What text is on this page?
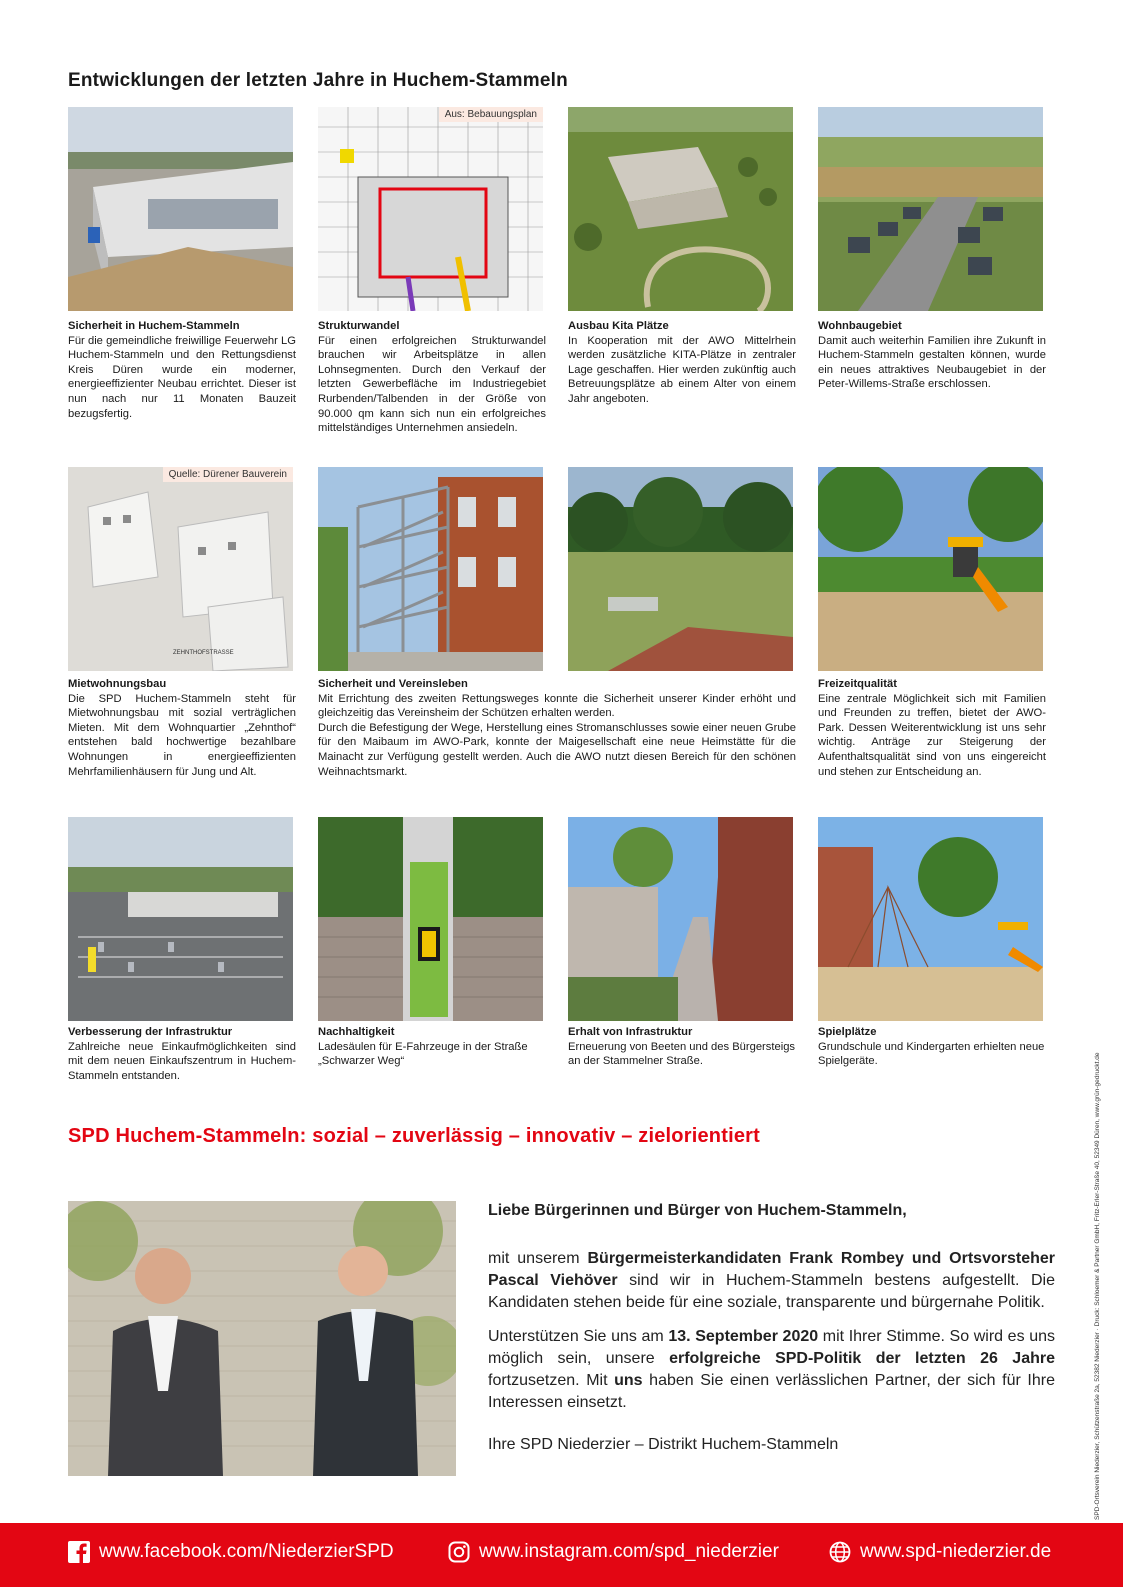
Entwicklungen der letzten Jahre in Huchem-Stammeln
Aus: Bebauungsplan
Sicherheit in Huchem-Stammeln
Für die gemeindliche freiwillige Feuerwehr LG Huchem-Stammeln und den Rettungsdienst Kreis Düren wurde ein moderner, energieeffizienter Neubau errichtet. Dieser ist nun nach nur 11 Monaten Bauzeit bezugsfertig.
Strukturwandel
Für einen erfolgreichen Strukturwandel brauchen wir Arbeitsplätze in allen Lohnsegmenten. Durch den Verkauf der letzten Gewerbefläche im Industriegebiet Rurbenden/Talbenden in der Größe von 90.000 qm kann sich nun ein erfolgreiches mittelständiges Unternehmen ansiedeln.
Ausbau Kita Plätze
In Kooperation mit der AWO Mittelrhein werden zusätzliche KITA-Plätze in zentraler Lage geschaffen. Hier werden zukünftig auch Betreuungsplätze ab einem Alter von einem Jahr angeboten.
Wohnbaugebiet
Damit auch weiterhin Familien ihre Zukunft in Huchem-Stammeln gestalten können, wurde ein neues attraktives Neubaugebiet in der Peter-Willems-Straße erschlossen.
Quelle: Dürener Bauverein
ZEHNTHOFSTRASSE
Mietwohnungsbau
Die SPD Huchem-Stammeln steht für Mietwohnungsbau mit sozial verträglichen Mieten. Mit dem Wohnquartier „Zehnthof“ entstehen bald hochwertige bezahlbare Wohnungen in energieeffizienten Mehrfamilienhäusern für Jung und Alt.
Sicherheit und Vereinsleben
Mit Errichtung des zweiten Rettungsweges konnte die Sicherheit unserer Kinder erhöht und gleichzeitig das Vereinsheim der Schützen erhalten werden.
Durch die Befestigung der Wege, Herstellung eines Stromanschlusses sowie einer neuen Grube für den Maibaum im AWO-Park, konnte der Maigesellschaft eine neue Heimstätte für die Mainacht zur Verfügung gestellt werden. Auch die AWO nutzt diesen Bereich für den schönen Weihnachtsmarkt.
Freizeitqualität
Eine zentrale Möglichkeit sich mit Familien und Freunden zu treffen, bietet der AWO-Park. Dessen Weiterentwicklung ist uns sehr wichtig. Anträge zur Steigerung der Aufenthaltsqualität sind von uns eingereicht und stehen zur Entscheidung an.
Verbesserung der Infrastruktur
Zahlreiche neue Einkaufmöglichkeiten sind mit dem neuen Einkaufszentrum in Huchem-Stammeln entstanden.
Nachhaltigkeit
Ladesäulen für E-Fahrzeuge in der Straße „Schwarzer Weg“
Erhalt von Infrastruktur
Erneuerung von Beeten und des Bürgersteigs an der Stammelner Straße.
Spielplätze
Grundschule und Kindergarten erhielten neue Spielgeräte.
SPD Huchem-Stammeln: sozial – zuverlässig – innovativ – zielorientiert
Liebe Bürgerinnen und Bürger von Huchem-Stammeln,

mit unserem Bürgermeisterkandidaten Frank Rombey und Ortsvorsteher Pascal Viehöver sind wir in Huchem-Stammeln bestens aufgestellt. Die Kandidaten stehen beide für eine soziale, transparente und bürgernahe Politik.

Unterstützen Sie uns am 13. September 2020 mit Ihrer Stimme. So wird es uns möglich sein, unsere erfolgreiche SPD-Politik der letzten 26 Jahre fortzusetzen. Mit uns haben Sie einen verlässlichen Partner, der sich für Ihre Interessen einsetzt.

Ihre SPD Niederzier – Distrikt Huchem-Stammeln	SPD-Ortsverein Niederzier, Schützenstraße 2a, 52382 Niederzier · Druck: Schloemer & Partner GmbH, Fritz-Erler-Straße 40, 52349 Düren, www.grün-gedruckt.de
www.facebook.com/NiederzierSPD	www.instagram.com/spd_niederzier	www.spd-niederzier.de
